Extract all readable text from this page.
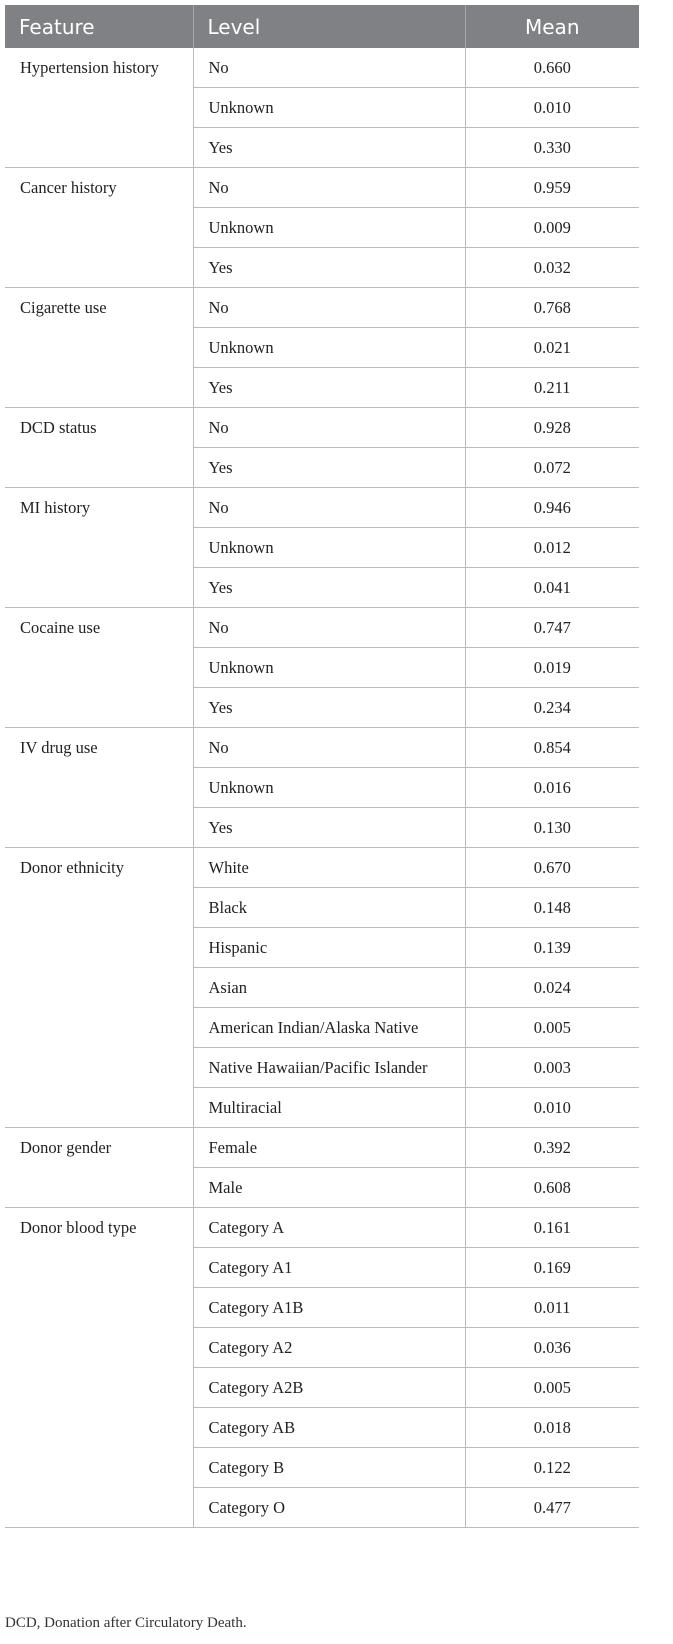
Feature	Level	Mean
Hypertension history	No	0.660
	Unknown	0.010
	Yes	0.330
Cancer history	No	0.959
	Unknown	0.009
	Yes	0.032
Cigarette use	No	0.768
	Unknown	0.021
	Yes	0.211
DCD status	No	0.928
	Yes	0.072
MI history	No	0.946
	Unknown	0.012
	Yes	0.041
Cocaine use	No	0.747
	Unknown	0.019
	Yes	0.234
IV drug use	No	0.854
	Unknown	0.016
	Yes	0.130
Donor ethnicity	White	0.670
	Black	0.148
	Hispanic	0.139
	Asian	0.024
	American Indian/Alaska Native	0.005
	Native Hawaiian/Pacific Islander	0.003
	Multiracial	0.010
Donor gender	Female	0.392
	Male	0.608
Donor blood type	Category A	0.161
	Category A1	0.169
	Category A1B	0.011
	Category A2	0.036
	Category A2B	0.005
	Category AB	0.018
	Category B	0.122
	Category O	0.477
DCD, Donation after Circulatory Death.
